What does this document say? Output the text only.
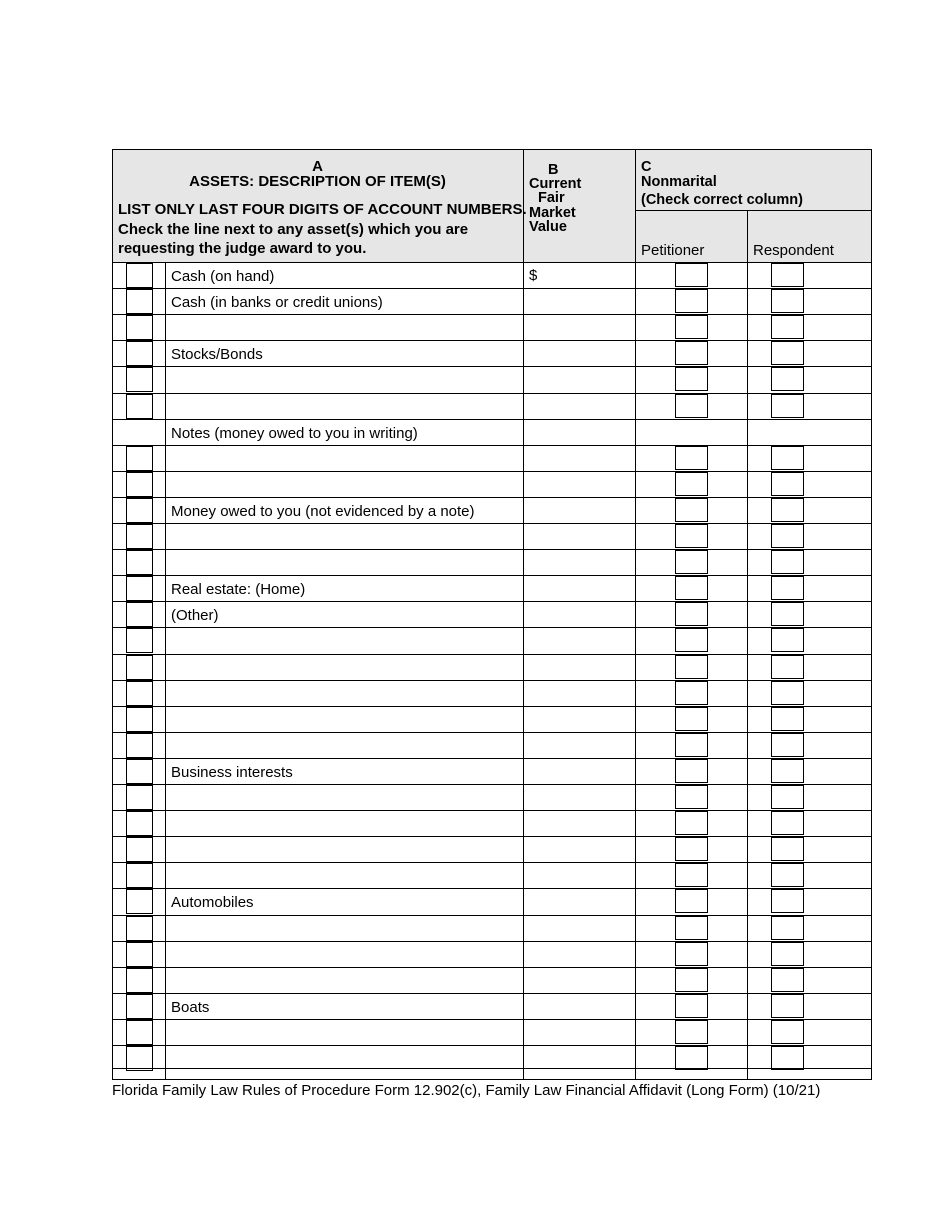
A
ASSETS: DESCRIPTION OF ITEM(S)
LIST ONLY LAST FOUR DIGITS OF ACCOUNT NUMBERS.
Check the line next to any asset(s) which you are
requesting the judge award to you.
B
Current
Fair
Market
Value
C
Nonmarital
(Check correct column)
Petitioner	Respondent
Cash (on hand)	$
Cash (in banks or credit unions)
Stocks/Bonds
Notes (money owed to you in writing)
Money owed to you (not evidenced by a note)
Real estate: (Home)
(Other)
Business interests
Automobiles
Boats
Florida Family Law Rules of Procedure Form 12.902(c), Family Law Financial Affidavit (Long Form) (10/21)
